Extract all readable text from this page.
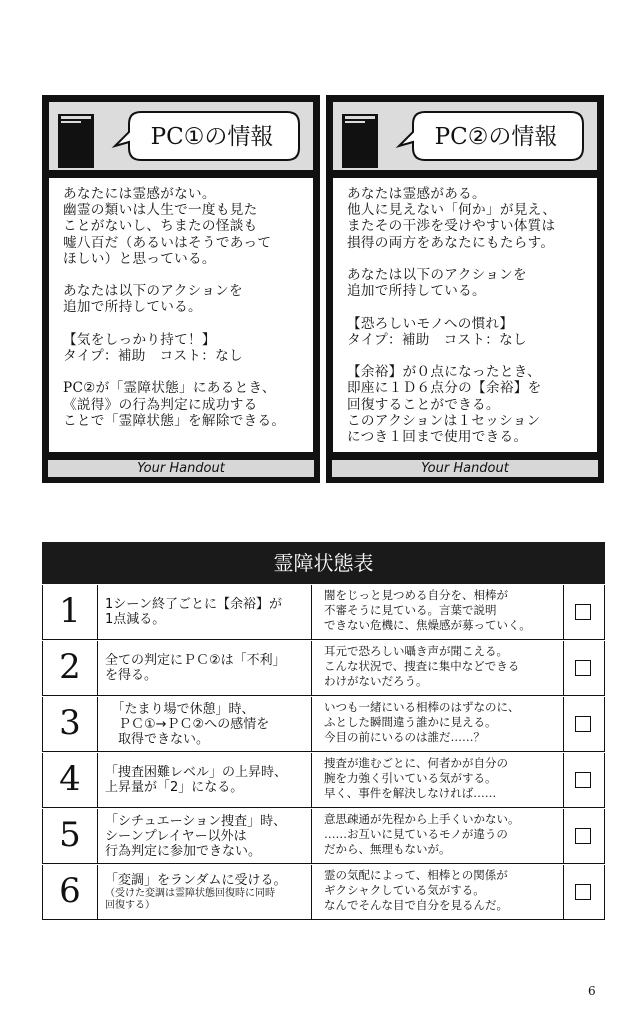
PC①の情報
あなたには霊感がない。
幽霊の類いは人生で一度も見た
ことがないし、ちまたの怪談も
嘘八百だ（あるいはそうであって
ほしい）と思っている。

あなたは以下のアクションを
追加で所持している。

【気をしっかり持て！】
タイプ：補助　コスト：なし

PC②が「霊障状態」にあるとき、
《説得》の行為判定に成功する
ことで「霊障状態」を解除できる。
Your Handout
PC②の情報
あなたは霊感がある。
他人に見えない「何か」が見え、
またその干渉を受けやすい体質は
損得の両方をあなたにもたらす。

あなたは以下のアクションを
追加で所持している。

【恐ろしいモノへの慣れ】
タイプ：補助　コスト：なし

【余裕】が０点になったとき、
即座に１Ｄ６点分の【余裕】を
回復することができる。
このアクションは１セッション
につき１回まで使用できる。
Your Handout
霊障状態表
1	1シーン終了ごとに【余裕】が
1点減る。
闇をじっと見つめる自分を、相棒が
不審そうに見ている。言葉で説明
できない危機に、焦燥感が募っていく。
2	全ての判定にＰＣ②は「不利」
を得る。
耳元で恐ろしい囁き声が聞こえる。
こんな状況で、捜査に集中などできる
わけがないだろう。
3	　「たまり場で休憩」時、
　ＰＣ①→ＰＣ②への感情を
　取得できない。
いつも一緒にいる相棒のはずなのに、
ふとした瞬間違う誰かに見える。
今目の前にいるのは誰だ……？
4	「捜査困難レベル」の上昇時、
上昇量が「2」になる。
捜査が進むごとに、何者かが自分の
腕を力強く引いている気がする。
早く、事件を解決しなければ……
5	「シチュエーション捜査」時、
シーンプレイヤー以外は
行為判定に参加できない。
意思疎通が先程から上手くいかない。
……お互いに見ているモノが違うの
だから、無理もないが。
6	「変調」をランダムに受ける。
（受けた変調は霊障状態回復時に同時
回復する）
霊の気配によって、相棒との関係が
ギクシャクしている気がする。
なんでそんな目で自分を見るんだ。
6
